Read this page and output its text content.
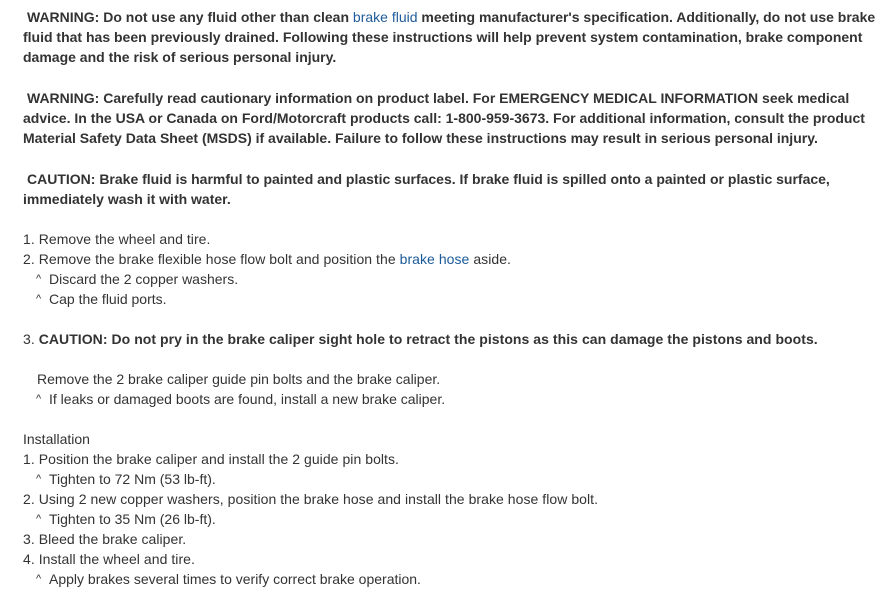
WARNING: Do not use any fluid other than clean brake fluid meeting manufacturer's specification. Additionally, do not use brake fluid that has been previously drained. Following these instructions will help prevent system contamination, brake component damage and the risk of serious personal injury.

WARNING: Carefully read cautionary information on product label. For EMERGENCY MEDICAL INFORMATION seek medical advice. In the USA or Canada on Ford/Motorcraft products call: 1-800-959-3673. For additional information, consult the product Material Safety Data Sheet (MSDS) if available. Failure to follow these instructions may result in serious personal injury.

CAUTION: Brake fluid is harmful to painted and plastic surfaces. If brake fluid is spilled onto a painted or plastic surface, immediately wash it with water.

1. Remove the wheel and tire.

2. Remove the brake flexible hose flow bolt and position the brake hose aside.

^ Discard the 2 copper washers.

^ Cap the fluid ports.

3. CAUTION: Do not pry in the brake caliper sight hole to retract the pistons as this can damage the pistons and boots.

Remove the 2 brake caliper guide pin bolts and the brake caliper.

^ If leaks or damaged boots are found, install a new brake caliper.

Installation

1. Position the brake caliper and install the 2 guide pin bolts.

^ Tighten to 72 Nm (53 lb-ft).

2. Using 2 new copper washers, position the brake hose and install the brake hose flow bolt.

^ Tighten to 35 Nm (26 lb-ft).

3. Bleed the brake caliper.

4. Install the wheel and tire.

^ Apply brakes several times to verify correct brake operation.
